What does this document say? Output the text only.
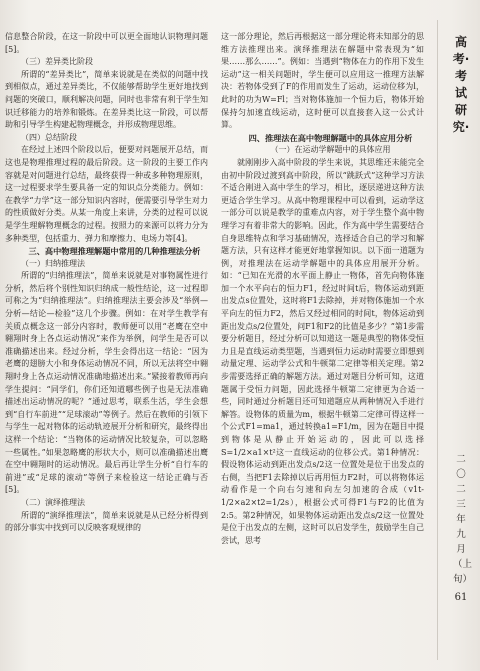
信息整合阶段，在这一阶段中可以更全面地认识物理问题[5]。

（三）差异类比阶段

所谓的“差异类比”，简单来说就是在类似的问题中找到相似点，通过差异类比，不仅能够帮助学生更好地找到问题的突破口，顺利解决问题，同时也非常有利于学生知识迁移能力的培养和锻炼。在差异类比这一阶段，可以帮助和引导学生构建起物理概念，并形成物理思维。

（四）总结阶段

在经过上述四个阶段以后，便要对问题展开总结，而这也是物理推理过程的最后阶段。这一阶段的主要工作内容就是对问题进行总结，最终获得一种或多种物理原则，这一过程要求学生要具备一定的知识点分类能力。例如：在教学“力学”这一部分知识内容时，便需要引导学生对力的性质做好分类。从某一角度上来讲，分类的过程可以说是学生理解物理概念的过程。按照力的来源可以将力分为多种类型，包括重力、弹力和摩擦力、电场力等[4]。

三、高中物理推理解题中常用的几种推理法分析

（一）归纳推理法

所谓的“归纳推理法”，简单来说就是对事物属性进行分析，然后将个别性知识归纳成一般性结论，这一过程即可称之为“归纳推理法”。归纳推理法主要会涉及“举例—分析—结论—检验”这几个步骤。例如：在对学生教学有关质点概念这一部分内容时，教师便可以用“老鹰在空中翱翔时身上各点运动情况”来作为举例，问学生是否可以准确描述出来。经过分析，学生会得出这一结论：“因为老鹰的翅膀大小和身体运动情况不同，所以无法将空中翱翔时身上各点运动情况准确地描述出来。”紧接着教师再向学生提问：“同学们，你们还知道哪些例子也是无法准确描述出运动情况的呢？”通过思考，联系生活，学生会想到“自行车前进”“足球滚动”等例子。然后在教师的引领下与学生一起对物体的运动轨迹展开分析和研究，最终得出这样一个结论：“当物体的运动情况比较复杂，可以忽略一些属性。”如果忽略鹰的形状大小，则可以准确描述出鹰在空中翱翔时的运动情况。最后再让学生分析“自行车的前进”或“足球的滚动”等例子来检验这一结论正确与否[5]。

（二）演绎推理法

所谓的“演绎推理法”，简单来说就是从已经分析得到的部分事实中找到可以反映客观规律的

这一部分理论，然后再根据这一部分理论将未知部分的思维方法推理出来。演绎推理法在解题中常表现为“如果……那么……”。例如：当遇到“物体在力的作用下发生运动”这一相关问题时，学生便可以应用这一推理方法解决：若物体受到了F的作用而发生了运动，运动位移为l，此时的功为W=Fl；当对物体施加一个恒力后，物体开始保持匀加速直线运动，这时便可以直接套入这一公式计算。

四、推理法在高中物理解题中的具体应用分析

（一）在运动学解题中的具体应用

就刚刚步入高中阶段的学生来说，其思维还未能完全由初中阶段过渡到高中阶段，所以“跳跃式”这种学习方法不适合刚进入高中学生的学习，相比，逐层递进这种方法更适合学生学习。从高中物理课程中可以看到，运动学这一部分可以说是教学的重难点内容，对于学生整个高中物理学习有着非常大的影响。因此，作为高中学生需要结合自身思维特点和学习基础情况，选择适合自己的学习和解题方法，只有这样才能更好地掌握知识。以下面一道题为例，对推理法在运动学解题中的具体应用展开分析。如：“已知在光滑的水平面上静止一物体，首先向物体施加一个水平向右的恒力F1，经过时间t后，物体运动到距出发点s位置处，这时将F1去除掉，并对物体施加一个水平向左的恒力F2，然后又经过相同的时间t，物体运动到距出发点s/2位置处，问F1和F2的比值是多少？”第1步需要分析题目，经过分析可以知道这一题是典型的物体受恒力且是直线运动类型题，当遇到恒力运动时需要立即想到动量定理、运动学公式和牛顿第二定律等相关定理。第2步需要选择正确的解题方法。通过对题目分析可知，这道题属于受恒力问题，因此选择牛顿第二定律更为合适一些，同时通过分析题目还可知道题应从两种情况入手进行解答。设物体的质量为m，根据牛顿第二定律可得这样一个公式F1=ma1，通过转换a1=F1/m，因为在题目中提到物体是从静止开始运动的，因此可以选择S=1/2×a1×t²这一直线运动的位移公式。第1种情况：假设物体运动到距出发点s/2这一位置处是位于出发点的右侧，当把F1去除掉以后再用恒力F2时，可以将物体运动看作是一个向右匀速和向左匀加速的合成（v1t-1/2×a2×t2=1/2s），根据公式可得F1与F2的比值为2:5。第2种情况，如果物体运动距出发点s/2这一位置处是位于出发点的左侧，这时可以启发学生，鼓励学生自己尝试，思考

高考·考试研究·
二〇二三年九月（上旬）
61
